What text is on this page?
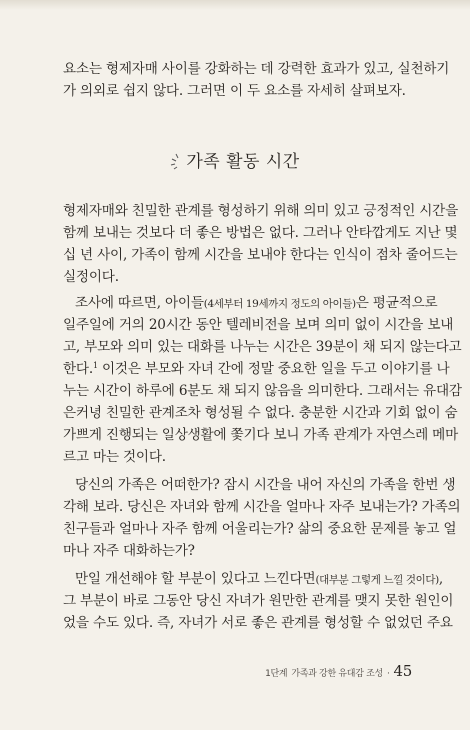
요소는 형제자매 사이를 강화하는 데 강력한 효과가 있고, 실천하기
가 의외로 쉽지 않다. 그러면 이 두 요소를 자세히 살펴보자.
가족 활동 시간
형제자매와 친밀한 관계를 형성하기 위해 의미 있고 긍정적인 시간을
함께 보내는 것보다 더 좋은 방법은 없다. 그러나 안타깝게도 지난 몇
십 년 사이, 가족이 함께 시간을 보내야 한다는 인식이 점차 줄어드는
실정이다.
조사에 따르면, 아이들(4세부터 19세까지 정도의 아이들)은 평균적으로
일주일에 거의 20시간 동안 텔레비전을 보며 의미 없이 시간을 보내
고, 부모와 의미 있는 대화를 나누는 시간은 39분이 채 되지 않는다고
한다.$^1$ 이것은 부모와 자녀 간에 정말 중요한 일을 두고 이야기를 나
누는 시간이 하루에 6분도 채 되지 않음을 의미한다. 그래서는 유대감
은커녕 친밀한 관계조차 형성될 수 없다. 충분한 시간과 기회 없이 숨
가쁘게 진행되는 일상생활에 쫓기다 보니 가족 관계가 자연스레 메마
르고 마는 것이다.
당신의 가족은 어떠한가? 잠시 시간을 내어 자신의 가족을 한번 생
각해 보라. 당신은 자녀와 함께 시간을 얼마나 자주 보내는가? 가족의
친구들과 얼마나 자주 함께 어울리는가? 삶의 중요한 문제를 놓고 얼
마나 자주 대화하는가?
만일 개선해야 할 부분이 있다고 느낀다면(대부분 그렇게 느낄 것이다),
그 부분이 바로 그동안 당신 자녀가 원만한 관계를 맺지 못한 원인이
었을 수도 있다. 즉, 자녀가 서로 좋은 관계를 형성할 수 없었던 주요
1단계 가족과 강한 유대감 조성 · 45
